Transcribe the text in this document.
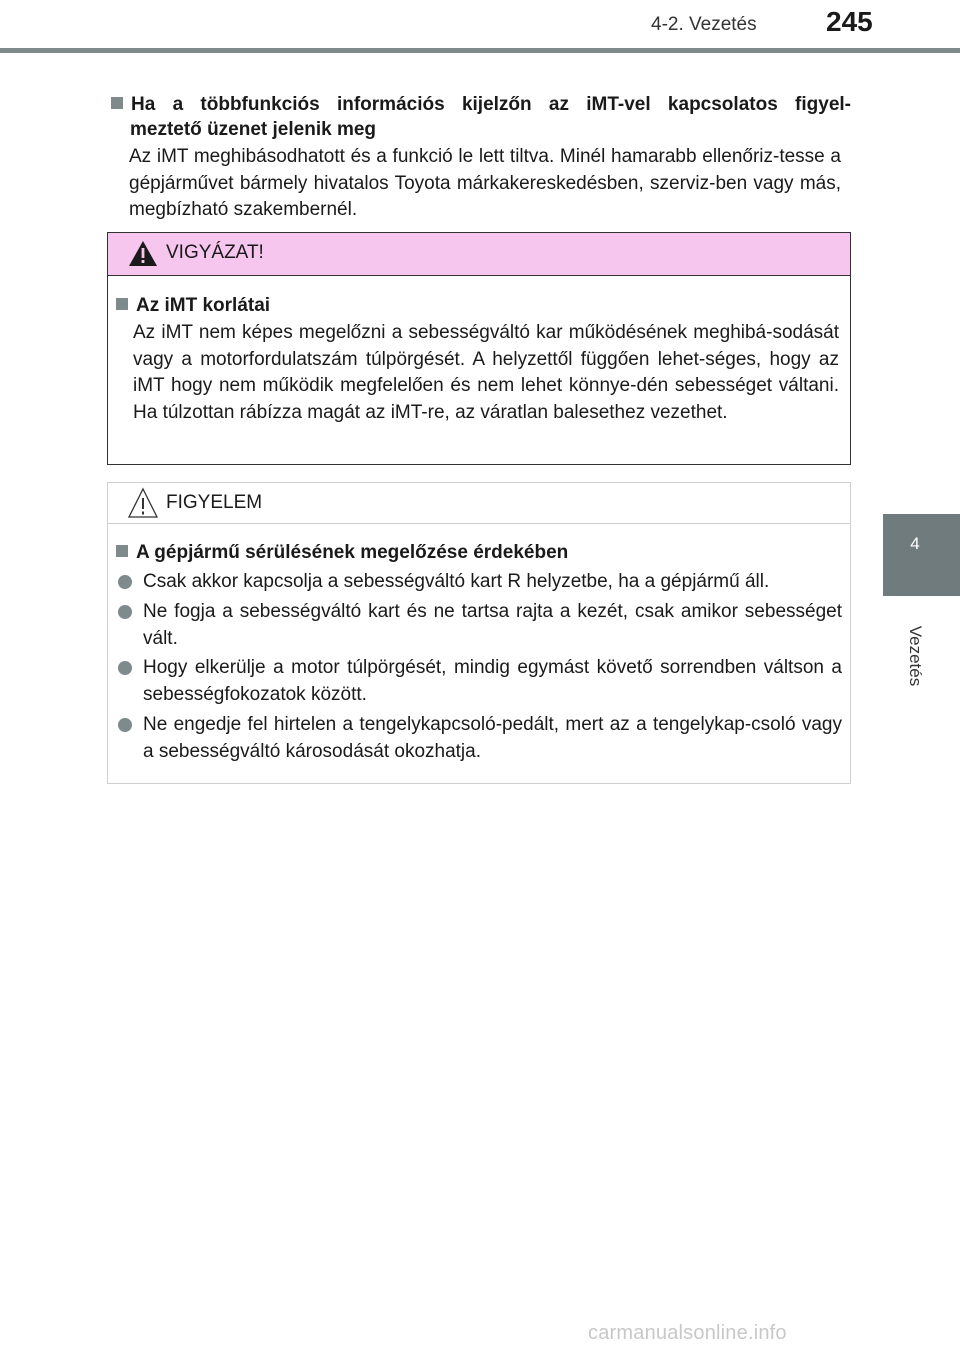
4-2. Vezetés 245
4
Vezetés
Ha a többfunkciós információs kijelzőn az iMT-vel kapcsolatos figyel-
meztető üzenet jelenik meg
Az iMT meghibásodhatott és a funkció le lett tiltva. Minél hamarabb ellenőriz-tesse a gépjárművet bármely hivatalos Toyota márkakereskedésben, szerviz-ben vagy más, megbízható szakembernél.
VIGYÁZAT!
Az iMT korlátai
Az iMT nem képes megelőzni a sebességváltó kar működésének meghibá-sodását vagy a motorfordulatszám túlpörgését. A helyzettől függően lehet-séges, hogy az iMT hogy nem működik megfelelően és nem lehet könnye-dén sebességet váltani. Ha túlzottan rábízza magát az iMT-re, az váratlan balesethez vezethet.
FIGYELEM
A gépjármű sérülésének megelőzése érdekében
Csak akkor kapcsolja a sebességváltó kart R helyzetbe, ha a gépjármű áll.
Ne fogja a sebességváltó kart és ne tartsa rajta a kezét, csak amikor sebességet vált.
Hogy elkerülje a motor túlpörgését, mindig egymást követő sorrendben váltson a sebességfokozatok között.
Ne engedje fel hirtelen a tengelykapcsoló-pedált, mert az a tengelykap-csoló vagy a sebességváltó károsodását okozhatja.
carmanualsonline.info
